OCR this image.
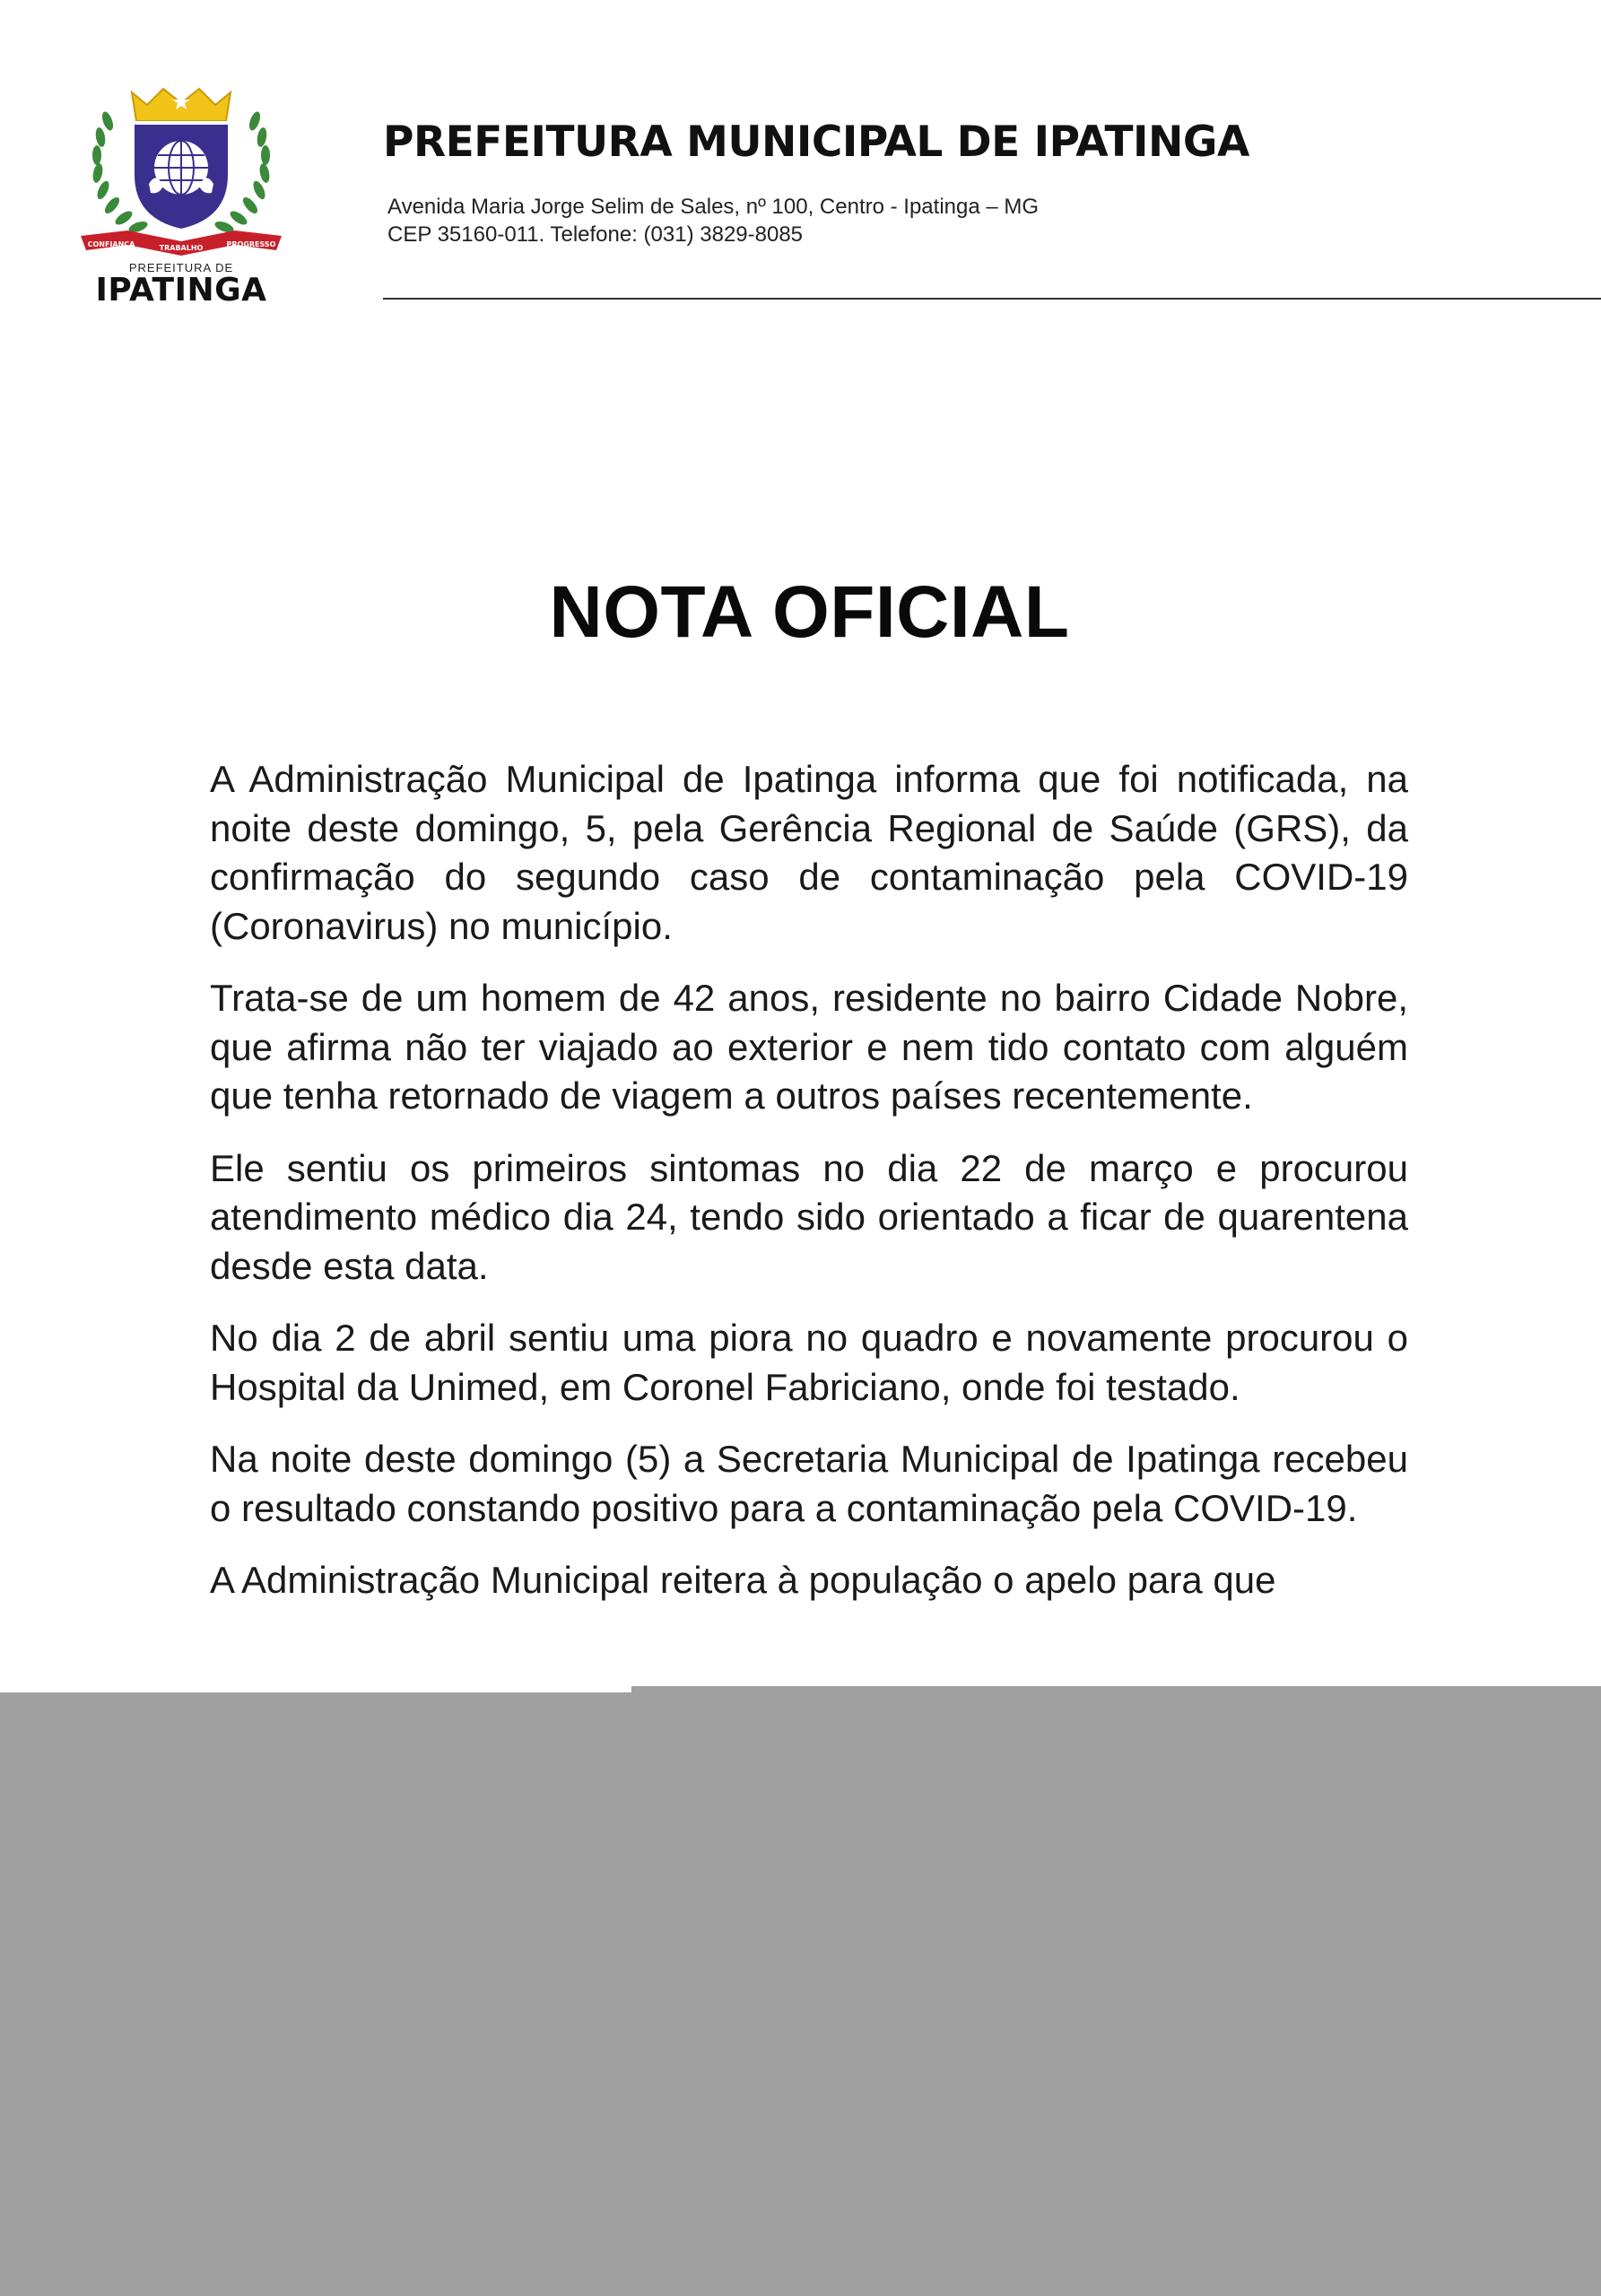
CONFIANÇA	TRABALHO	PROGRESSO
PREFEITURA DE
IPATINGA
PREFEITURA MUNICIPAL DE IPATINGA
Avenida Maria Jorge Selim de Sales, nº 100, Centro - Ipatinga – MG
CEP 35160-011. Telefone: (031) 3829-8085
NOTA OFICIAL

A Administração Municipal de Ipatinga informa que foi notificada, na noite deste domingo, 5, pela Gerência Regional de Saúde (GRS), da confirmação do segundo caso de contaminação pela COVID-19 (Coronavirus) no município.

Trata-se de um homem de 42 anos, residente no bairro Cidade Nobre, que afirma não ter viajado ao exterior e nem tido contato com alguém que tenha retornado de viagem a outros países recentemente.

Ele sentiu os primeiros sintomas no dia 22 de março e procurou atendimento médico dia 24, tendo sido orientado a ficar de quarentena desde esta data.

No dia 2 de abril sentiu uma piora no quadro e novamente procurou o Hospital da Unimed, em Coronel Fabriciano, onde foi testado.

Na noite deste domingo (5) a Secretaria Municipal de Ipatinga recebeu o resultado constando positivo para a contaminação pela COVID-19.

A Administração Municipal reitera à população o apelo para que
